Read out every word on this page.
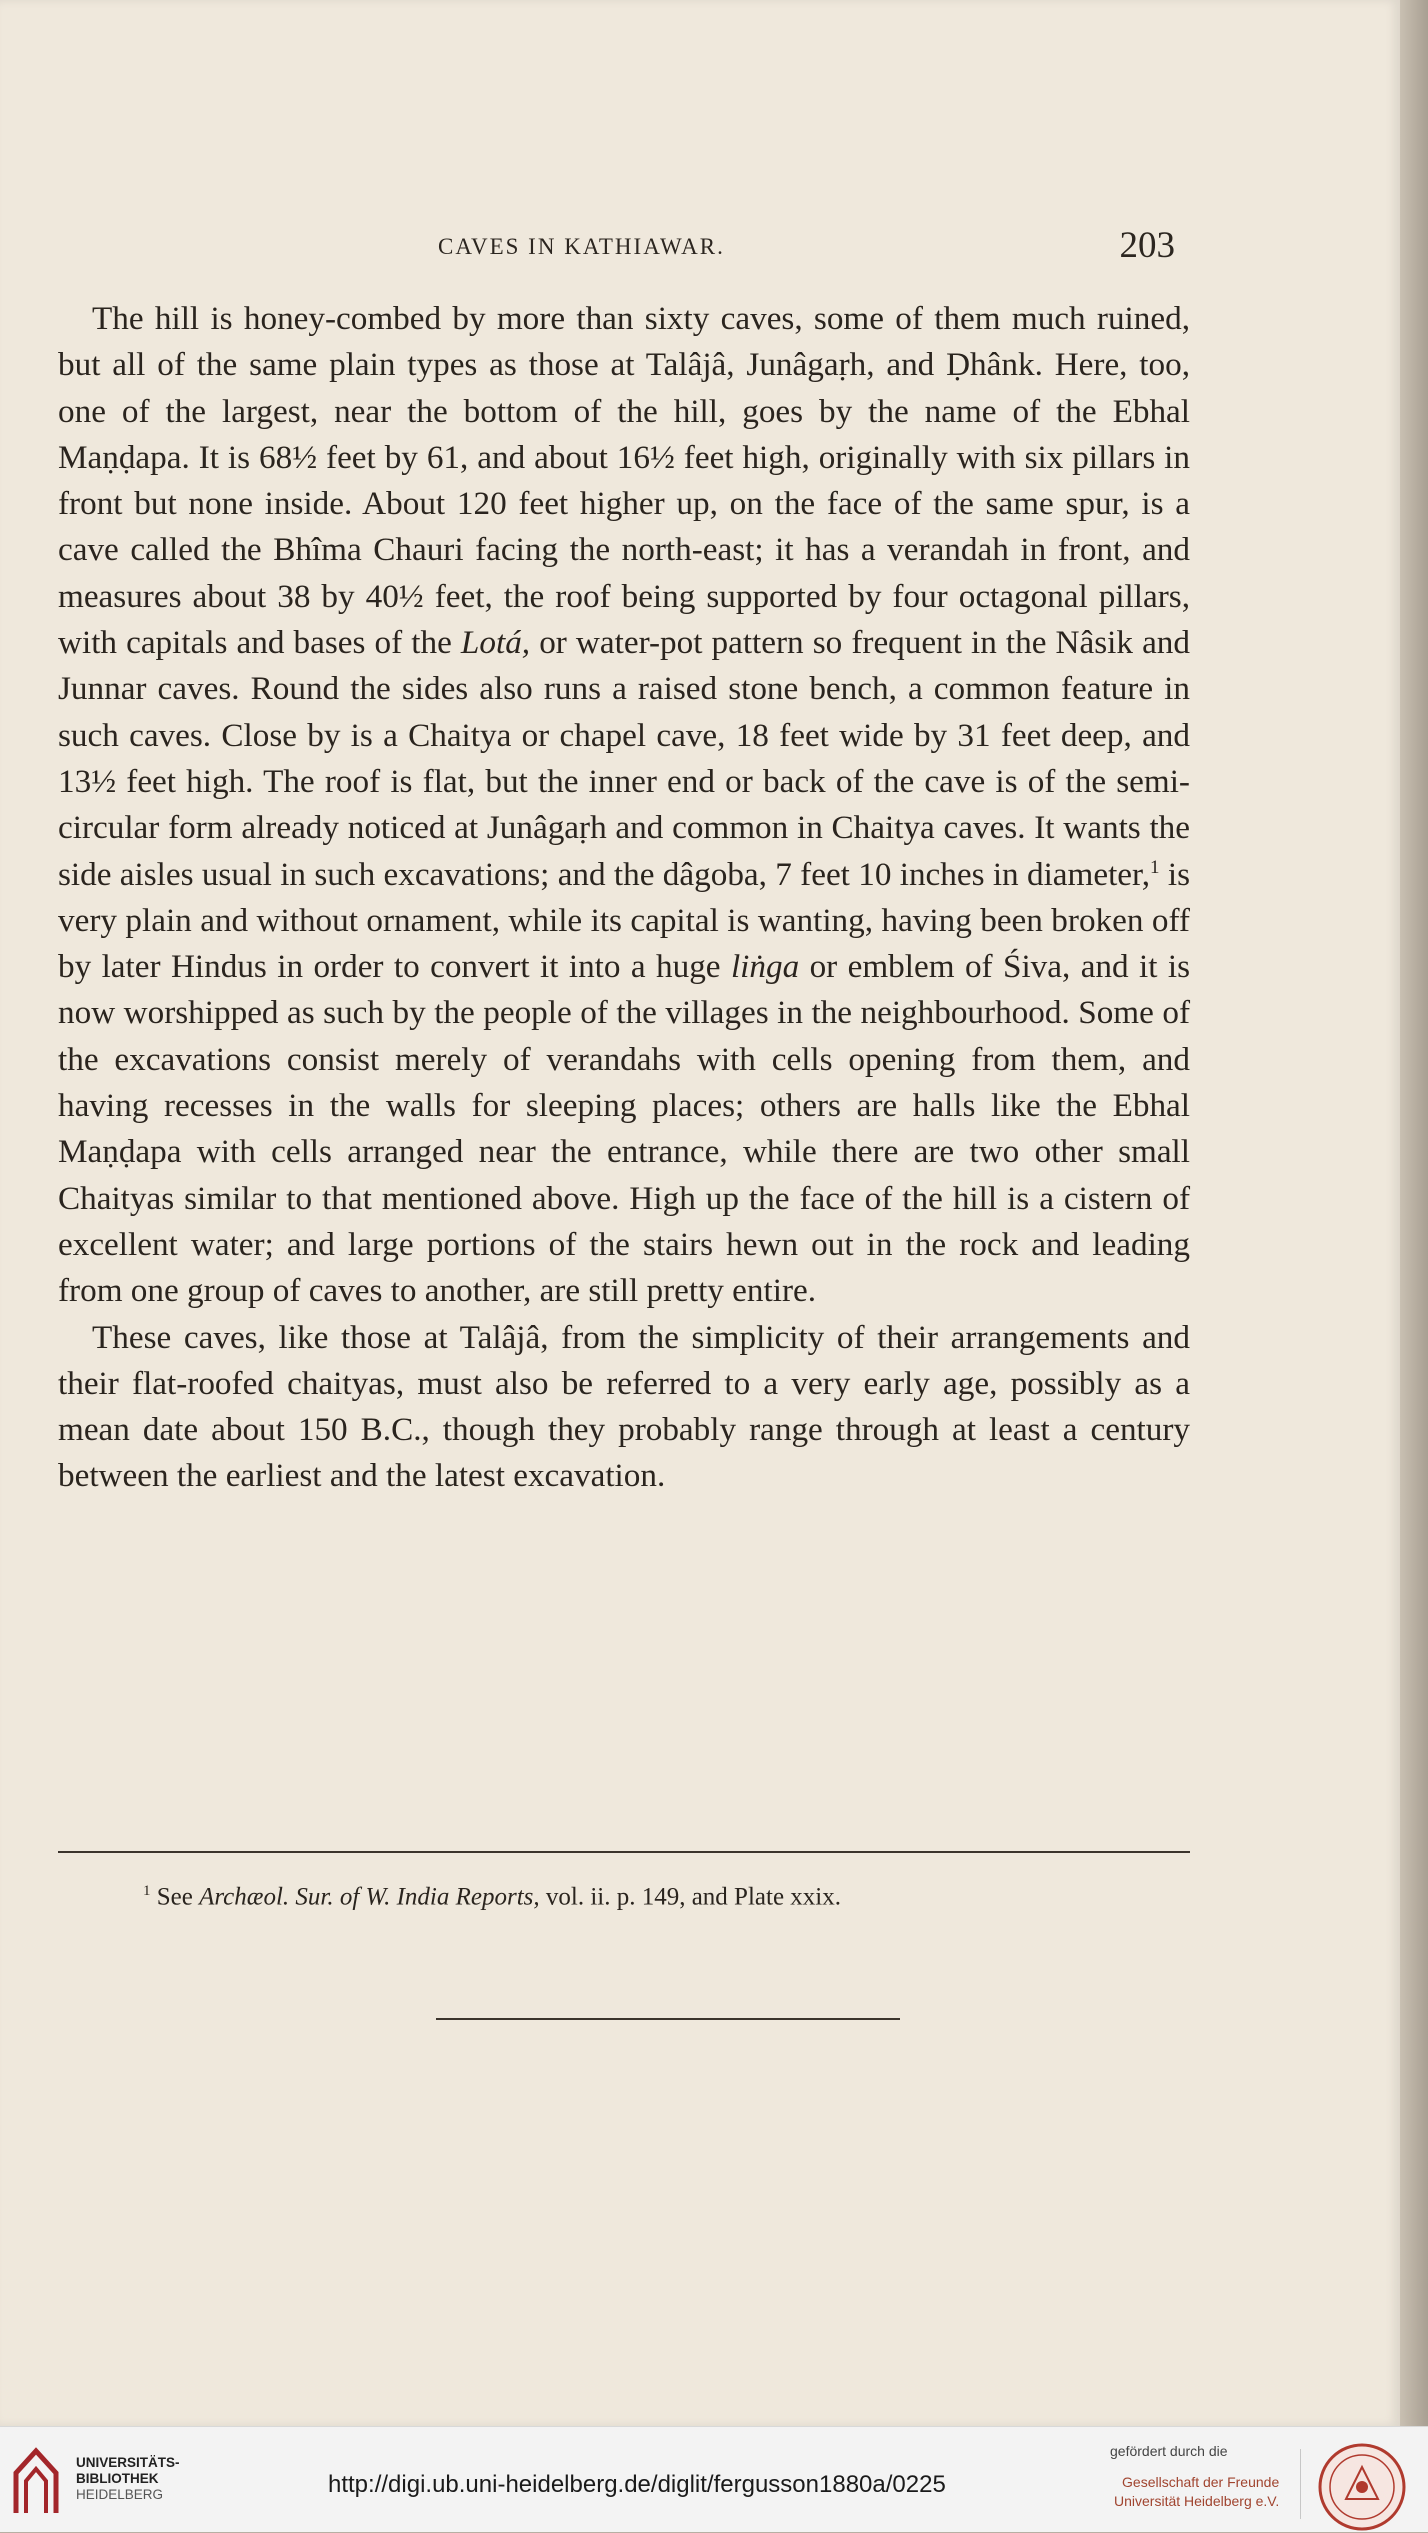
CAVES IN KATHIAWAR.	203

The hill is honey-combed by more than sixty caves, some of them much ruined, but all of the same plain types as those at Talâjâ, Junâgaṛh, and Ḍhânk. Here, too, one of the largest, near the bottom of the hill, goes by the name of the Ebhal Maṇḍapa. It is 68½ feet by 61, and about 16½ feet high, originally with six pillars in front but none inside. About 120 feet higher up, on the face of the same spur, is a cave called the Bhîma Chauri facing the north-east; it has a verandah in front, and measures about 38 by 40½ feet, the roof being supported by four octagonal pillars, with capitals and bases of the Lotá, or water-pot pattern so frequent in the Nâsik and Junnar caves. Round the sides also runs a raised stone bench, a common feature in such caves. Close by is a Chaitya or chapel cave, 18 feet wide by 31 feet deep, and 13½ feet high. The roof is flat, but the inner end or back of the cave is of the semi-circular form already noticed at Junâgaṛh and common in Chaitya caves. It wants the side aisles usual in such excavations; and the dâgoba, 7 feet 10 inches in diameter,$^1$ is very plain and without ornament, while its capital is wanting, having been broken off by later Hindus in order to convert it into a huge liṅga or emblem of Śiva, and it is now worshipped as such by the people of the villages in the neighbourhood. Some of the excavations consist merely of verandahs with cells opening from them, and having recesses in the walls for sleeping places; others are halls like the Ebhal Maṇḍapa with cells arranged near the entrance, while there are two other small Chaityas similar to that mentioned above. High up the face of the hill is a cistern of excellent water; and large portions of the stairs hewn out in the rock and leading from one group of caves to another, are still pretty entire.

These caves, like those at Talâjâ, from the simplicity of their arrangements and their flat-roofed chaityas, must also be referred to a very early age, possibly as a mean date about 150 B.C., though they probably range through at least a century between the earliest and the latest excavation.

$^1$ See Archæol. Sur. of W. India Reports, vol. ii. p. 149, and Plate xxix.
UNIVERSITÄTS-
BIBLIOTHEK
HEIDELBERG	http://digi.ub.uni-heidelberg.de/diglit/fergusson1880a/0225
gefördert durch die
Gesellschaft der Freunde
Universität Heidelberg e.V.
